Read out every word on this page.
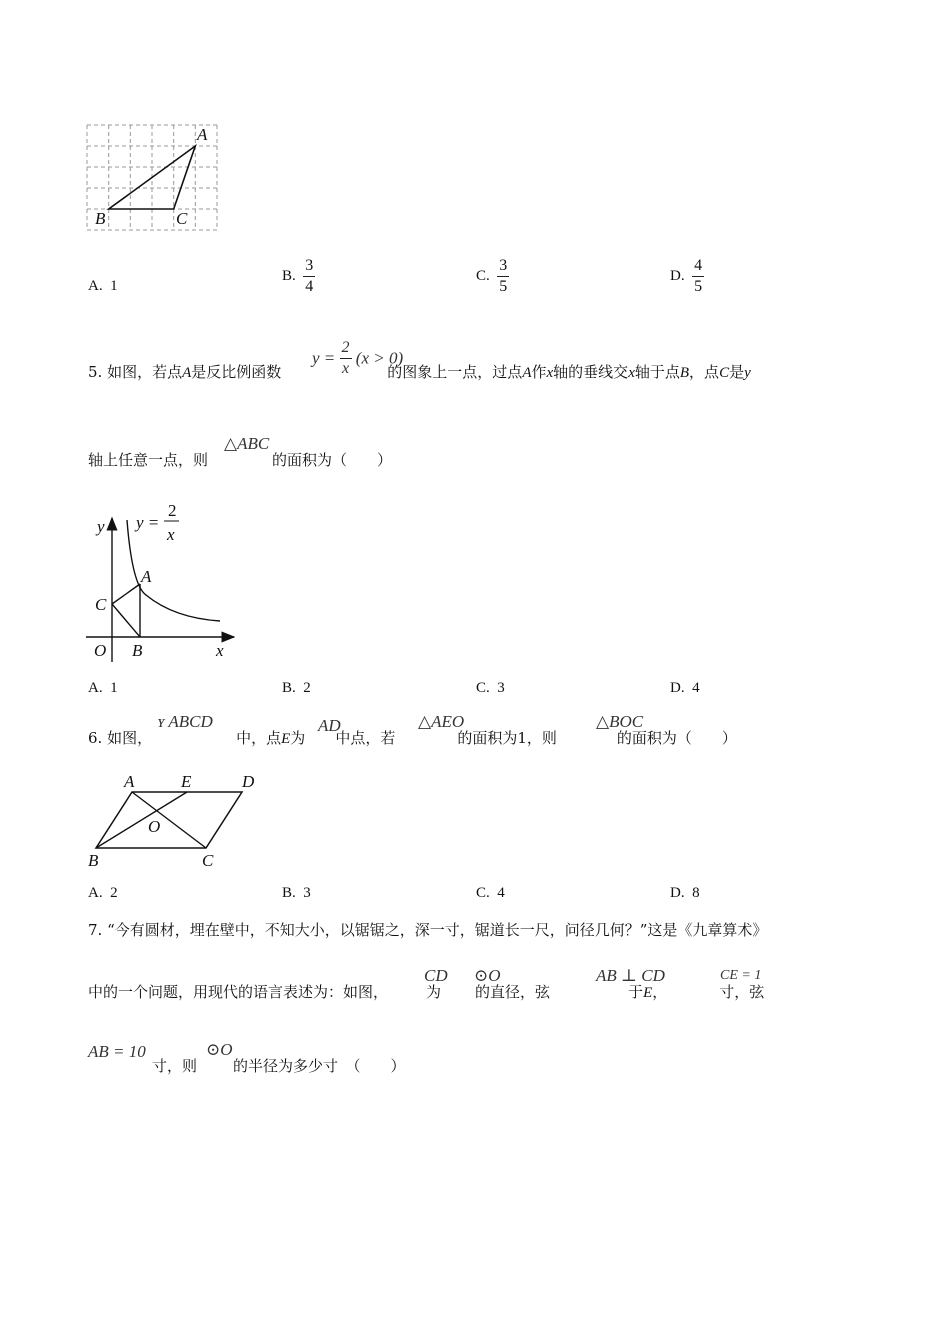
A
B	C
A. 1
B. $\frac{3}{4}$	C. $\frac{3}{5}$	D. $\frac{4}{5}$
5. 如图，若点A是反比例函数	的图象上一点，过点A作x轴的垂线交x轴于点B，点C是y
$y = \frac{2}{x} (x > 0)$
轴上任意一点，则	的面积为（　　）
△ABC
y
x
O B
C
A
y =
2
x
A. 1	B. 2	C. 3	D. 4
6. 如图，	中，点E为 中点，若	的面积为1，则	的面积为（　　）
ʏ ABCD	AD	△AEO	△BOC
A	E	D
O
B	C
A. 2	B. 3	C. 4	D. 8
7. “今有圆材，埋在壁中，不知大小，以锯锯之，深一寸，锯道长一尺，问径几何？”这是《九章算术》
中的一个问题，用现代的语言表述为：如图，	为 的直径，弦	于E，	寸，弦
CD ⊙O	AB ⊥ CD	CE = 1
寸，则 的半径为多少寸　（　　）
AB = 10	⊙O
